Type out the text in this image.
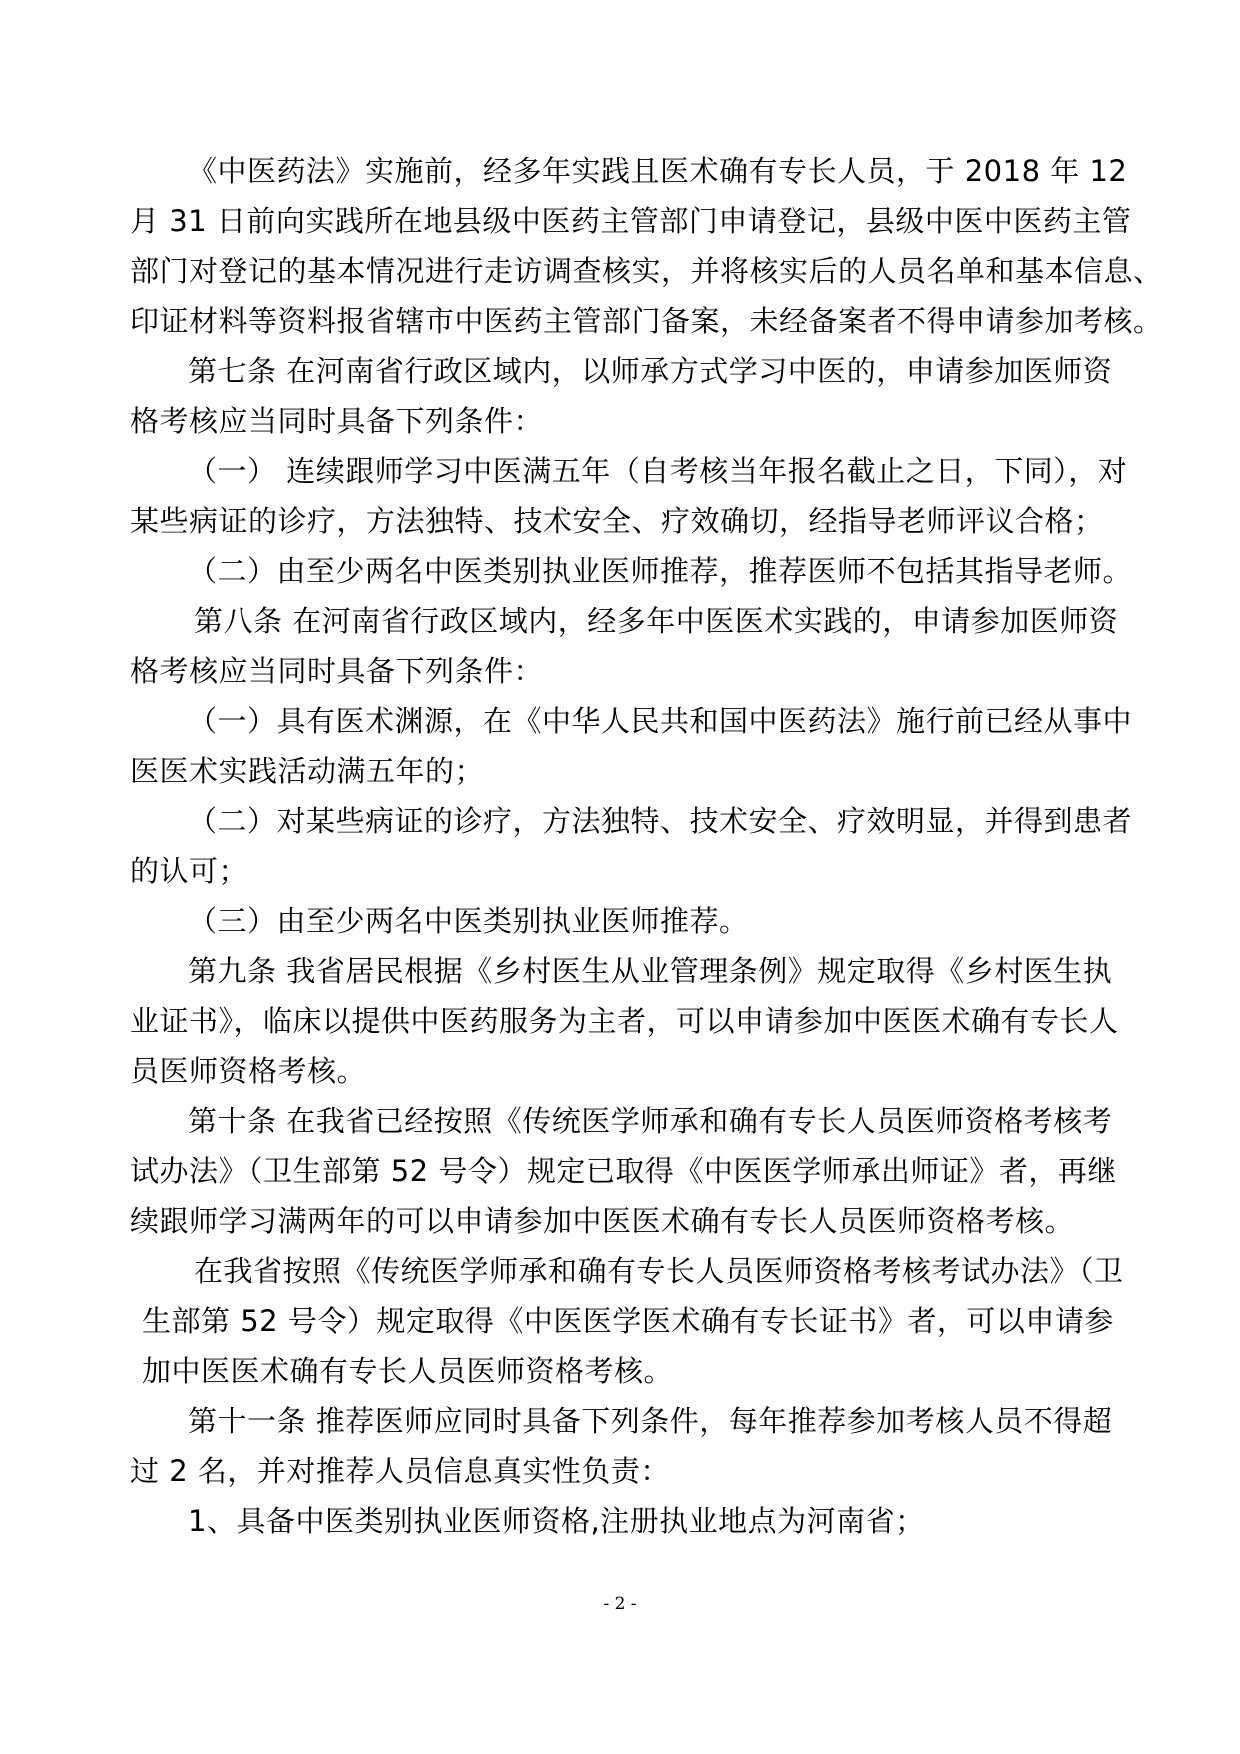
《中医药法》实施前，经多年实践且医术确有专长人员，于 2018 年 12
月 31 日前向实践所在地县级中医药主管部门申请登记，县级中医中医药主管
部门对登记的基本情况进行走访调查核实，并将核实后的人员名单和基本信息、
印证材料等资料报省辖市中医药主管部门备案，未经备案者不得申请参加考核。
第七条 在河南省行政区域内，以师承方式学习中医的，申请参加医师资
格考核应当同时具备下列条件：
（一） 连续跟师学习中医满五年（自考核当年报名截止之日，下同），对
某些病证的诊疗，方法独特、技术安全、疗效确切，经指导老师评议合格；
（二）由至少两名中医类别执业医师推荐，推荐医师不包括其指导老师。
第八条 在河南省行政区域内，经多年中医医术实践的，申请参加医师资
格考核应当同时具备下列条件：
（一）具有医术渊源，在《中华人民共和国中医药法》施行前已经从事中
医医术实践活动满五年的；
（二）对某些病证的诊疗，方法独特、技术安全、疗效明显，并得到患者
的认可；
（三）由至少两名中医类别执业医师推荐。
第九条 我省居民根据《乡村医生从业管理条例》规定取得《乡村医生执
业证书》，临床以提供中医药服务为主者，可以申请参加中医医术确有专长人
员医师资格考核。
第十条 在我省已经按照《传统医学师承和确有专长人员医师资格考核考
试办法》（卫生部第 52 号令）规定已取得《中医医学师承出师证》者，再继
续跟师学习满两年的可以申请参加中医医术确有专长人员医师资格考核。
在我省按照《传统医学师承和确有专长人员医师资格考核考试办法》（卫
生部第 52 号令）规定取得《中医医学医术确有专长证书》者，可以申请参
加中医医术确有专长人员医师资格考核。
第十一条 推荐医师应同时具备下列条件，每年推荐参加考核人员不得超
过 2 名，并对推荐人员信息真实性负责：
1、具备中医类别执业医师资格,注册执业地点为河南省；
- 2 -
